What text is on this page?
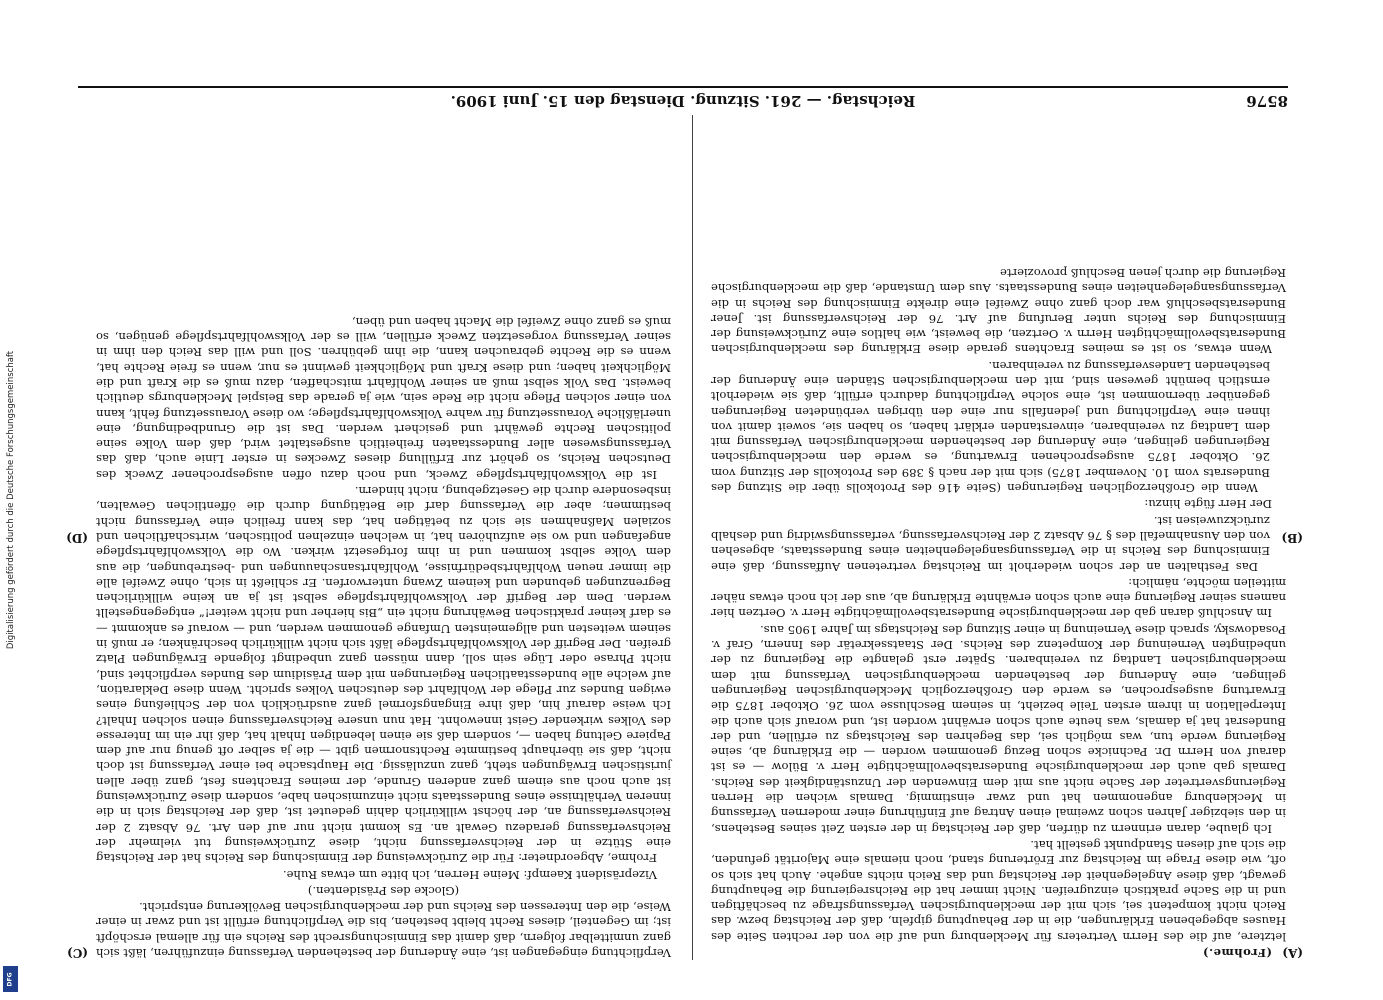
Digitalisierung gefördert durch die Deutsche Forschungsgemeinschaft
DFG
8576
Reichstag. — 261. Sitzung. Dienstag den 15. Juni 1909.
(A)
(B)
(C)
(D)

(Frohme.)

letztere, auf die des Herrn Vertreters für Mecklenburg und auf die von der rechten Seite des Hauses abgegebenen Erklärungen, die in der Behauptung gipfeln, daß der Reichstag bezw. das Reich nicht kompetent sei, sich mit der mecklenburgischen Verfassungsfrage zu beschäftigen und in die Sache praktisch einzugreifen. Nicht immer hat die Reichsregierung die Behauptung gewagt, daß diese Angelegenheit der Reichstag und das Reich nichts angehe. Auch hat sich so oft, wie diese Frage im Reichstag zur Erörterung stand, noch niemals eine Majorität gefunden, die sich auf diesen Standpunkt gestellt hat.

Ich glaube, daran erinnern zu dürfen, daß der Reichstag in der ersten Zeit seines Bestehens, in den siebziger Jahren schon zweimal einen Antrag auf Einführung einer modernen Verfassung in Mecklenburg angenommen hat und zwar einstimmig. Damals wichen die Herren Regierungsvertreter der Sache nicht aus mit dem Einwenden der Unzuständigkeit des Reichs. Damals gab auch der mecklenburgische Bundesratsbevollmächtigte Herr v. Bülow — es ist darauf von Herrn Dr. Pachnicke schon Bezug genommen worden — die Erklärung ab, seine Regierung werde tun, was möglich sei, das Begehren des Reichstags zu erfüllen, und der Bundesrat hat ja damals, was heute auch schon erwähnt worden ist, und worauf sich auch die Interpellation in ihrem ersten Teile bezieht, in seinem Beschlusse vom 26. Oktober 1875 die Erwartung ausgesprochen, es werde den Großherzoglich Mecklenburgischen Regierungen gelingen, eine Änderung der bestehenden mecklenburgischen Verfassung mit dem mecklenburgischen Landtag zu vereinbaren. Später erst gelangte die Regierung zu der unbedingten Verneinung der Kompetenz des Reichs. Der Staatssekretär des Innern, Graf v. Posadowsky, sprach diese Verneinung in einer Sitzung des Reichstags im Jahre 1905 aus.

Im Anschluß daran gab der mecklenburgische Bundesratsbevollmächtigte Herr v. Oertzen hier namens seiner Regierung eine auch schon erwähnte Erklärung ab, aus der ich noch etwas näher mitteilen möchte, nämlich:

Das Festhalten an der schon wiederholt im Reichstag vertretenen Auffassung, daß eine Einmischung des Reichs in die Verfassungsangelegenheiten eines Bundesstaats, abgesehen von den Ausnahmefall des § 76 Absatz 2 der Reichsverfassung, verfassungswidrig und deshalb zurückzuweisen ist.

Der Herr fügte hinzu:

Wenn die Großherzoglichen Regierungen (Seite 416 des Protokolls über die Sitzung des Bundesrats vom 10. November 1875) sich mit der nach § 389 des Protokolls der Sitzung vom 26. Oktober 1875 ausgesprochenen Erwartung, es werde den mecklenburgischen Regierungen gelingen, eine Änderung der bestehenden mecklenburgischen Verfassung mit dem Landtag zu vereinbaren, einverstanden erklärt haben, so haben sie, soweit damit von ihnen eine Verpflichtung und jedenfalls nur eine den übrigen verbündeten Regierungen gegenüber übernommen ist, eine solche Verpflichtung dadurch erfüllt, daß sie wiederholt ernstlich bemüht gewesen sind, mit den mecklenburgischen Ständen eine Änderung der bestehenden Landesverfassung zu vereinbaren.

Wenn etwas, so ist es meines Erachtens gerade diese Erklärung des mecklenburgischen Bundesratsbevollmächtigten Herrn v. Oertzen, die beweist, wie haltlos eine Zurückweisung der Einmischung des Reichs unter Berufung auf Art. 76 der Reichsverfassung ist. Jener Bundesratsbeschluß war doch ganz ohne Zweifel eine direkte Einmischung des Reichs in die Verfassungsangelegenheiten eines Bundesstaats. Aus dem Umstande, daß die mecklenburgische Regierung die durch jenen Beschluß provozierte

Verpflichtung eingegangen ist, eine Änderung der bestehenden Verfassung einzuführen, läßt sich ganz unmittelbar folgern, daß damit das Einmischungsrecht des Reichs ein für allemal erschöpft ist; im Gegenteil, dieses Recht bleibt bestehen, bis die Verpflichtung erfüllt ist und zwar in einer Weise, die den Interessen des Reichs und der mecklenburgischen Bevölkerung entspricht.

(Glocke des Präsidenten.)

Vizepräsident Kaempf: Meine Herren, ich bitte um etwas Ruhe.

Frohme, Abgeordneter: Für die Zurückweisung der Einmischung des Reichs hat der Reichstag eine Stütze in der Reichsverfassung nicht, diese Zurückweisung tut vielmehr der Reichsverfassung geradezu Gewalt an. Es kommt nicht nur auf den Art. 76 Absatz 2 der Reichsverfassung an, der höchst willkürlich dahin gedeutet ist, daß der Reichstag sich in die inneren Verhältnisse eines Bundesstaats nicht einzumischen habe, sondern diese Zurückweisung ist auch noch aus einem ganz anderen Grunde, der meines Erachtens fest, ganz über allen juristischen Erwägungen steht, ganz unzulässig. Die Hauptsache bei einer Verfassung ist doch nicht, daß sie überhaupt bestimmte Rechtsnormen gibt — die ja selber oft genug nur auf dem Papiere Geltung haben —, sondern daß sie einen lebendigen Inhalt hat, daß ihr ein im Interesse des Volkes wirkender Geist innewohnt. Hat nun unsere Reichsverfassung einen solchen Inhalt? Ich weise darauf hin, daß ihre Eingangsformel ganz ausdrücklich von der Schließung eines ewigen Bundes zur Pflege der Wohlfahrt des deutschen Volkes spricht. Wenn diese Deklaration, auf welche alle bundesstaatlichen Regierungen mit dem Präsidium des Bundes verpflichtet sind, nicht Phrase oder Lüge sein soll, dann müssen ganz unbedingt folgende Erwägungen Platz greifen. Der Begriff der Volkswohlfahrtspflege läßt sich nicht willkürlich beschränken; er muß in seinem weitesten und allgemeinsten Umfange genommen werden, und — worauf es ankommt — es darf keiner praktischen Bewährung nicht ein „Bis hierher und nicht weiter!“ entgegengestellt werden. Dem der Begriff der Volkswohlfahrtspflege selbst ist ja an keine willkürlichen Begrenzungen gebunden und keinem Zwang unterworfen. Er schließt in sich, ohne Zweifel alle die immer neuen Wohlfahrtsbedürfnisse, Wohlfahrtsanschauungen und -bestrebungen, die aus dem Volke selbst kommen und in ihm fortgesetzt wirken. Wo die Volkswohlfahrtspflege angefangen und wo sie aufzuhören hat, in welchen einzelnen politischen, wirtschaftlichen und sozialen Maßnahmen sie sich zu betätigen hat, das kann freilich eine Verfassung nicht bestimmen; aber die Verfassung darf die Betätigung durch die öffentlichen Gewalten, insbesondere durch die Gesetzgebung, nicht hindern.

Ist die Volkswohlfahrtspflege Zweck, und noch dazu offen ausgesprochener Zweck des Deutschen Reichs, so gehört zur Erfüllung dieses Zweckes in erster Linie auch, daß das Verfassungswesen aller Bundesstaaten freiheitlich ausgestaltet wird, daß dem Volke seine politischen Rechte gewährt und gesichert werden. Das ist die Grundbedingung, eine unerläßliche Voraussetzung für wahre Volkswohlfahrtspflege; wo diese Voraussetzung fehlt, kann von einer solchen Pflege nicht die Rede sein, wie ja gerade das Beispiel Mecklenburgs deutlich beweist. Das Volk selbst muß an seiner Wohlfahrt mitschaffen, dazu muß es die Kraft und die Möglichkeit haben; und diese Kraft und Möglichkeit gewinnt es nur, wenn es freie Rechte hat, wenn es die Rechte gebrauchen kann, die ihm gebühren. Soll und will das Reich den ihm in seiner Verfassung vorgesetzten Zweck erfüllen, will es der Volkswohlfahrtspflege genügen, so muß es ganz ohne Zweifel die Macht haben und üben,
